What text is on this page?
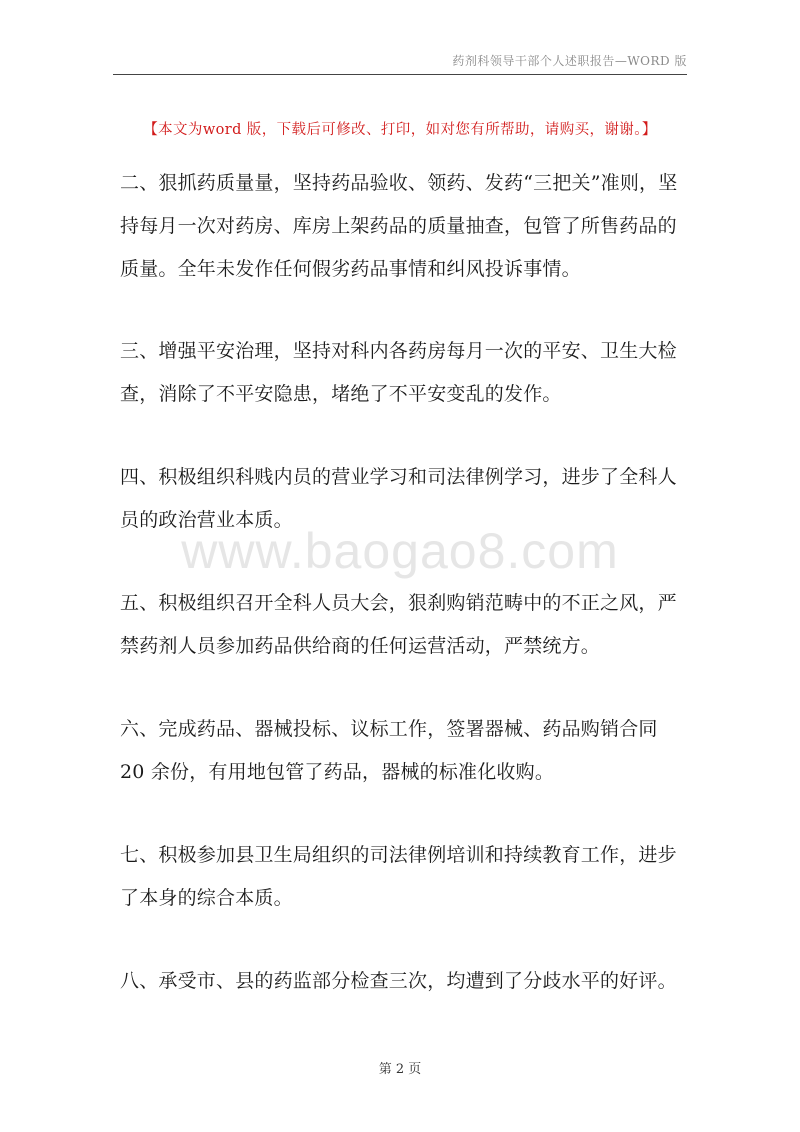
药剂科领导干部个人述职报告—WORD 版
【本文为word 版，下载后可修改、打印，如对您有所帮助，请购买，谢谢。】

二、狠抓药质量量，坚持药品验收、领药、发药“三把关”准则，坚持每月一次对药房、库房上架药品的质量抽查，包管了所售药品的质量。全年未发作任何假劣药品事情和纠风投诉事情。

三、增强平安治理，坚持对科内各药房每月一次的平安、卫生大检查，消除了不平安隐患，堵绝了不平安变乱的发作。

四、积极组织科贱内员的营业学习和司法律例学习，进步了全科人员的政治营业本质。

www.baogao8.com

五、积极组织召开全科人员大会，狠刹购销范畴中的不正之风，严禁药剂人员参加药品供给商的任何运营活动，严禁统方。

六、完成药品、器械投标、议标工作，签署器械、药品购销合同 20 余份，有用地包管了药品，器械的标准化收购。

七、积极参加县卫生局组织的司法律例培训和持续教育工作，进步了本身的综合本质。

八、承受市、县的药监部分检查三次，均遭到了分歧水平的好评。

第 2 页
